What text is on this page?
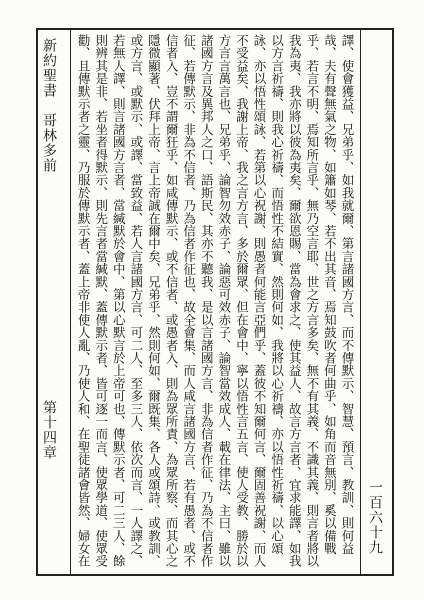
新約聖書　哥林多前
第十四章
譯、使會獲益、兄弟乎、如我就爾、第言諸國方言、而不傳默示、智慧、預言、教訓、則何益哉、夫有聲無氣之物、如簫如琴、若不出其音、焉知鼓吹者何曲乎、如角而音無別、奚以備戰乎、若言不明、焉知所言乎、無乃空言耶、世之方言多矣、無不有其義、不識其義、則言者將以我為夷、我亦將以彼為夷矣、爾欲恩賜、當為會求之、使其益人、故言方言者、宜求能譯、如我以方言祈禱、則我心祈禱、而悟性不結實、然則何如、我將以心祈禱、亦以悟性祈禱、以心頌詠、亦以悟性頌詠、若第以心祝謝、則愚者何能言亞們乎、蓋彼不知爾何言、爾固善祝謝、而人不受益矣、我謝上帝、我之言方言、多於爾眾、但在會中、寧以悟性言五言、使人受教、勝於以方言言萬言也、兄弟乎、論智勿效赤子、論惡可效赤子、論智當效成人、載在律法、主曰、雖以諸國方言及異邦人之口、語斯民、其亦不聽我、是以言諸國方言、非為信者作征、乃為不信者作征、若傳默示、非為不信者、乃為信者作征也、故全會集、而人咸言諸國方言、若有愚者、或不信者入、豈不謂爾狂乎、如咸傳默示、或不信者、或愚者入、則為眾所責、為眾所察、而其心之隱微顯著、伏拜上帝、言上帝誠在爾中矣、兄弟乎、然則何如、爾既集、各人或頌詩、或教訓、或方言、或默示、或譯、當致益、若人言諸國方言、可二人、至多三人、依次而言、一人譯之、若無人譯、則言諸國方言者、當緘默於會中、第以心默言於上帝可也、傳默示者、可二三人、餘則辨其是非、若坐者得默示、則先言者當緘默、蓋傳默示者、皆可逐一而言、使眾學道、使眾受勸、且傳默示者之靈、乃服於傳默示者、蓋上帝非使人亂、乃使人和、在聖徒諸會皆然、婦女在
一百六十九
